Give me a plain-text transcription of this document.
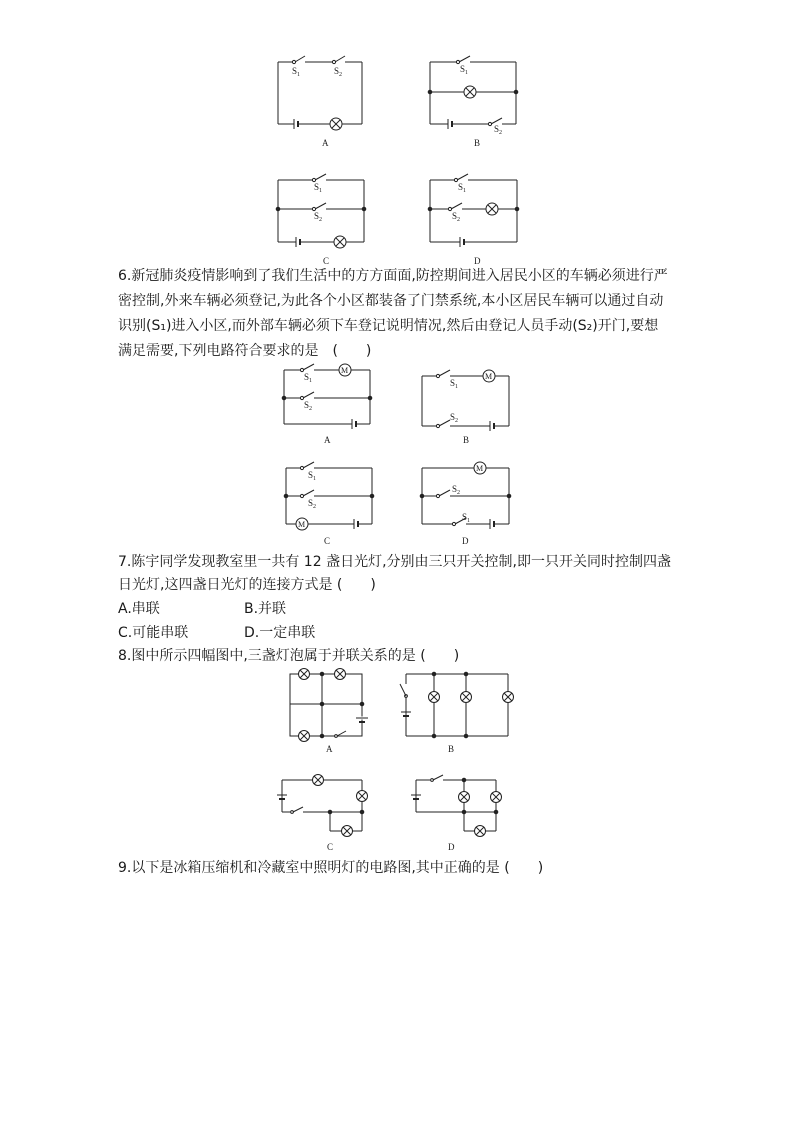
$S_1$	$S_2$
A
$S_1$
$S_2$
B
$S_1$
$S_2$
C
$S_1$
$S_2$
D
6.新冠肺炎疫情影响到了我们生活中的方方面面,防控期间进入居民小区的车辆必须进行严
密控制,外来车辆必须登记,为此各个小区都装备了门禁系统,本小区居民车辆可以通过自动
识别(S₁)进入小区,而外部车辆必须下车登记说明情况,然后由登记人员手动(S₂)开门,要想
满足需要,下列电路符合要求的是　(　　)
M
$S_1$
$S_2$
A
M
$S_1$
$S_2$
B
$S_1$
$S_2$
M
C
M
$S_2$
$S_1$
D
7.陈宇同学发现教室里一共有 12 盏日光灯,分别由三只开关控制,即一只开关同时控制四盏
日光灯,这四盏日光灯的连接方式是 (　　)
A.串联	B.并联
C.可能串联	D.一定串联
8.图中所示四幅图中,三盏灯泡属于并联关系的是 (　　)
A	B
C	D
9.以下是冰箱压缩机和冷藏室中照明灯的电路图,其中正确的是 (　　)
